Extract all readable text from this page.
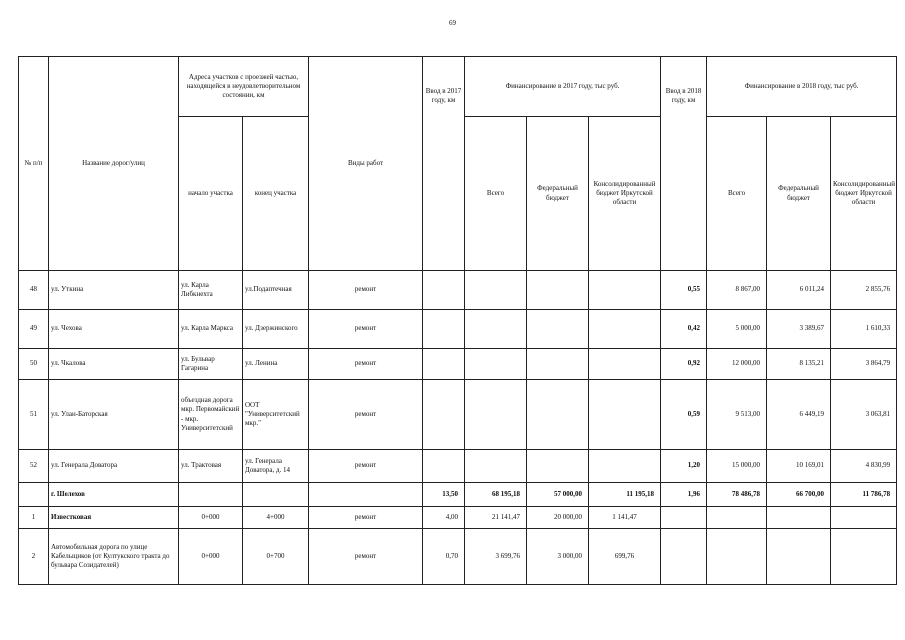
69
№ п/п	Название дорог/улиц	Адреса участков с проезжей частью, находящейся в неудовлетворительном состоянии, км		Виды работ	Ввод в 2017 году, км	Финансирование в 2017 году, тыс руб.			Ввод в 2018 году, км	Финансирование в 2018 году, тыс руб.		
		начало участка	конец участка			Всего	Федеральный бюджет	Консолидированный бюджет Иркутской области		Всего	Федеральный бюджет	Консолидированный бюджет Иркутской области
48	ул. Уткина	ул. Карла Либкнехта	ул.Подаптечная	ремонт					0,55	8 867,00	6 011,24	2 855,76
49	ул. Чехова	ул. Карла Маркса	ул. Дзержинского	ремонт					0,42	5 000,00	3 389,67	1 610,33
50	ул. Чкалова	ул. Бульвар Гагарина	ул. Ленина	ремонт					0,92	12 000,00	8 135,21	3 864,79
51	ул. Улан-Баторская	объездная дорога мкр. Первомайский - мкр. Университетский	ООТ "Университетский мкр."	ремонт					0,59	9 513,00	6 449,19	3 063,81
52	ул. Генерала Доватора	ул. Трактовая	ул. Генерала Доватора, д. 14	ремонт					1,20	15 000,00	10 169,01	4 830,99
	г. Шелехов				13,50	68 195,18	57 000,00	11 195,18	1,96	78 486,78	66 700,00	11 786,78
1	Известковая	0+000	4+000	ремонт	4,00	21 141,47	20 000,00	1 141,47				
2	Автомобильная дорога по улице Кабельщиков (от Култукского тракта до бульвара Созидателей)	0+000	0+700	ремонт	0,70	3 699,76	3 000,00	699,76				
